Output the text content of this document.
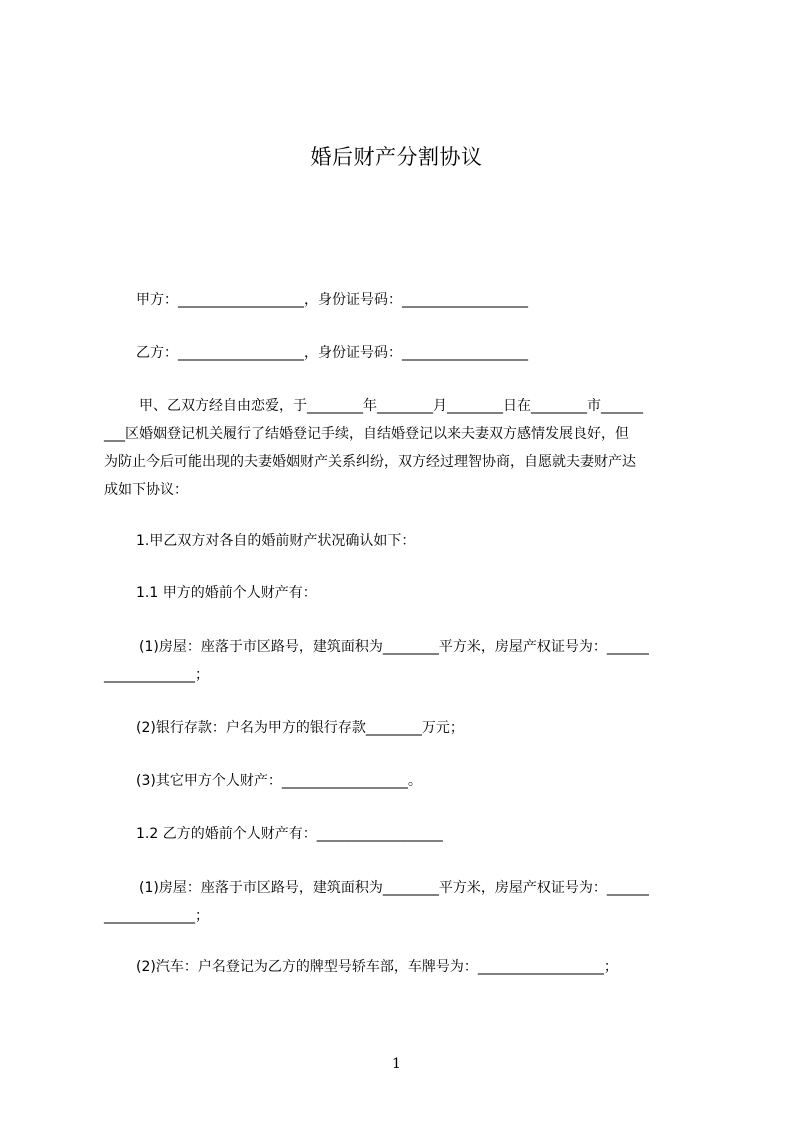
婚后财产分割协议
甲方：__________________，身份证号码：__________________
乙方：__________________，身份证号码：__________________
甲、乙双方经自由恋爱，于________年________月________日在________市______
___区婚姻登记机关履行了结婚登记手续，自结婚登记以来夫妻双方感情发展良好，但
为防止今后可能出现的夫妻婚姻财产关系纠纷，双方经过理智协商，自愿就夫妻财产达
成如下协议：
1.甲乙双方对各自的婚前财产状况确认如下：
1.1 甲方的婚前个人财产有：
(1)房屋：座落于市区路号，建筑面积为________平方米，房屋产权证号为：______
_____________；
(2)银行存款：户名为甲方的银行存款________万元；
(3)其它甲方个人财产：__________________。
1.2 乙方的婚前个人财产有：__________________
(1)房屋：座落于市区路号，建筑面积为________平方米，房屋产权证号为：______
_____________；
(2)汽车：户名登记为乙方的牌型号轿车部，车牌号为：__________________；
1
